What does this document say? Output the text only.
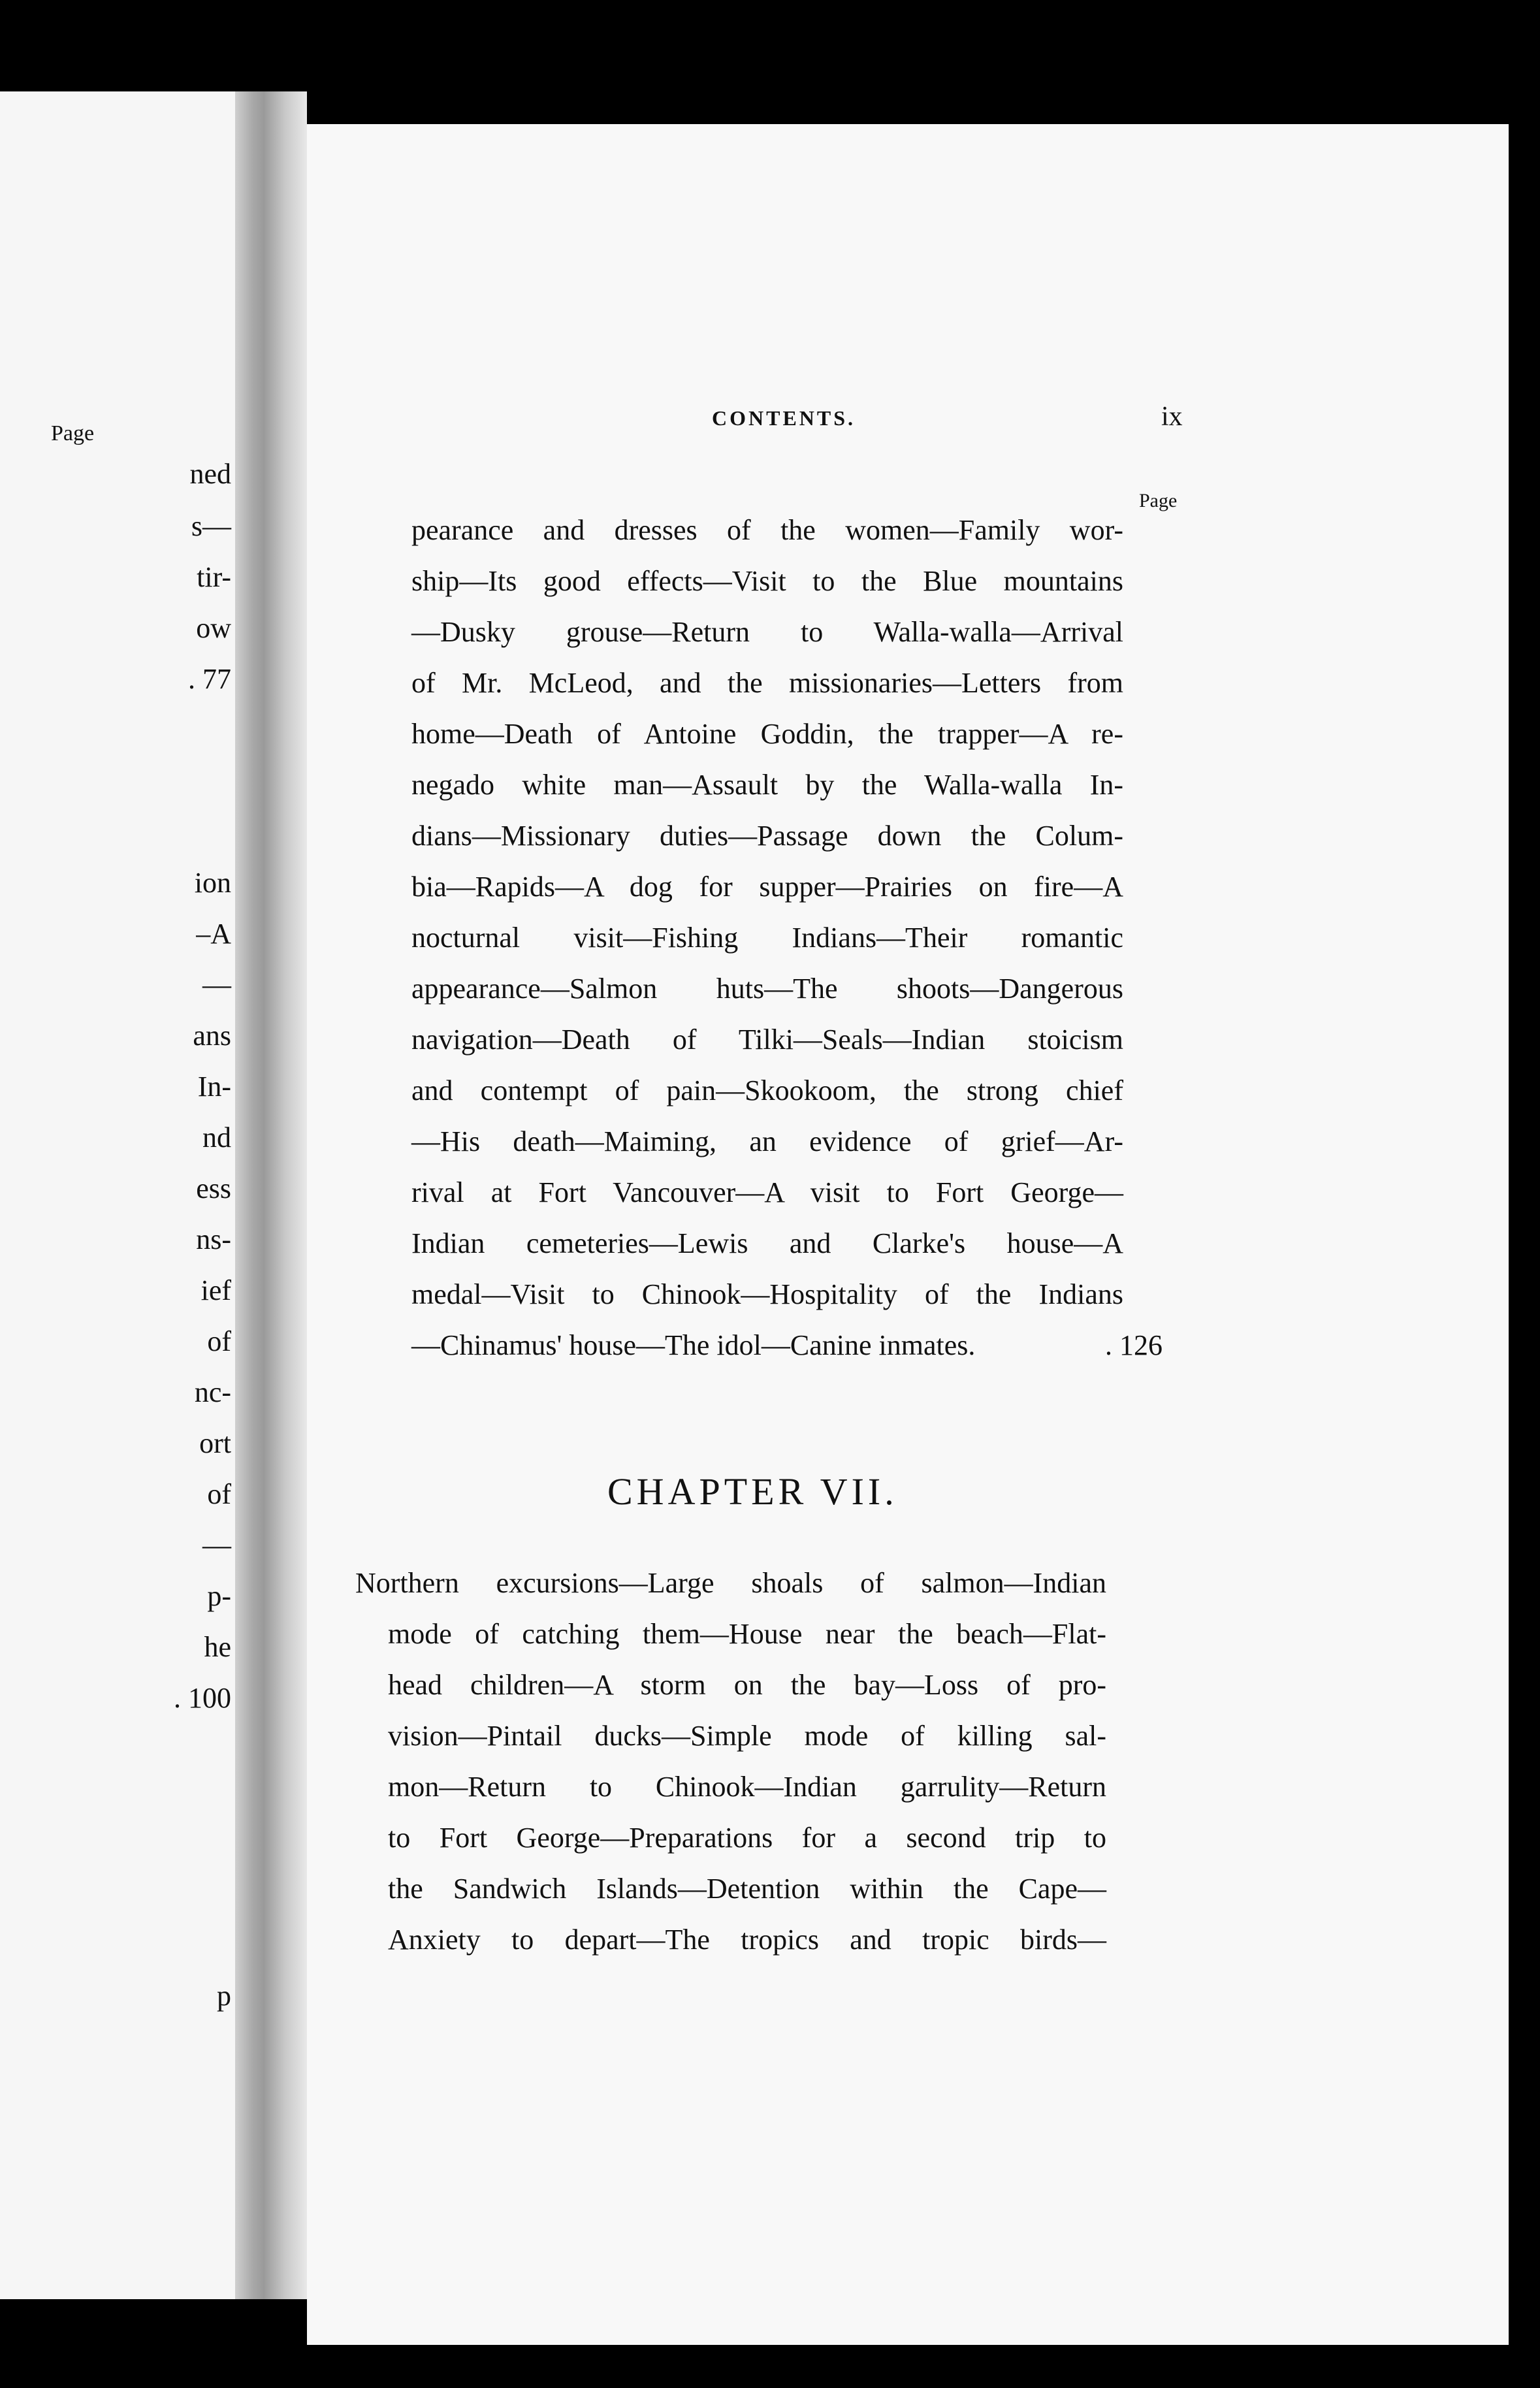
Page
ned
s—
tir-
ow
. 77
ion
–A
—
ans
In-
nd
ess
ns-
ief
of
nc-
ort
of
—
p-
he
. 100
p
CONTENTS.	ix
Page
pearance and dresses of the women—Family wor-
ship—Its good effects—Visit to the Blue mountains
—Dusky grouse—Return to Walla-walla—Arrival
of Mr. McLeod, and the missionaries—Letters from
home—Death of Antoine Goddin, the trapper—A re-
negado white man—Assault by the Walla-walla In-
dians—Missionary duties—Passage down the Colum-
bia—Rapids—A dog for supper—Prairies on fire—A
nocturnal visit—Fishing Indians—Their romantic
appearance—Salmon huts—The shoots—Dangerous
navigation—Death of Tilki—Seals—Indian stoicism
and contempt of pain—Skookoom, the strong chief
—His death—Maiming, an evidence of grief—Ar-
rival at Fort Vancouver—A visit to Fort George—
Indian cemeteries—Lewis and Clarke's house—A
medal—Visit to Chinook—Hospitality of the Indians
—Chinamus' house—The idol—Canine inmates.	. 126
CHAPTER VII.
Northern excursions—Large shoals of salmon—Indian
mode of catching them—House near the beach—Flat-
head children—A storm on the bay—Loss of pro-
vision—Pintail ducks—Simple mode of killing sal-
mon—Return to Chinook—Indian garrulity—Return
to Fort George—Preparations for a second trip to
the Sandwich Islands—Detention within the Cape—
Anxiety to depart—The tropics and tropic birds—
